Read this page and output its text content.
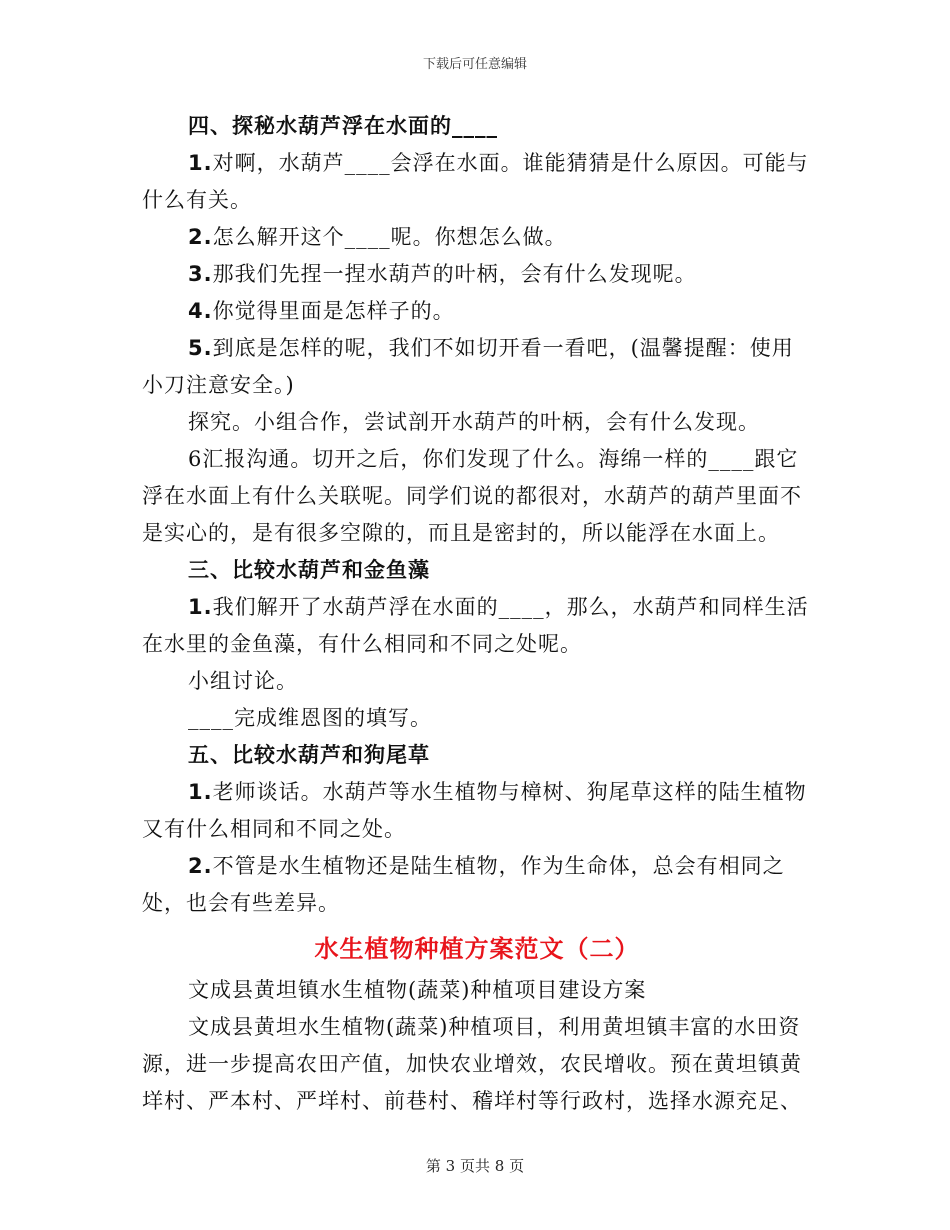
下载后可任意编辑

四、探秘水葫芦浮在水面的____

1.对啊，水葫芦____会浮在水面。谁能猜猜是什么原因。可能与什么有关。

2.怎么解开这个____呢。你想怎么做。

3.那我们先捏一捏水葫芦的叶柄，会有什么发现呢。

4.你觉得里面是怎样子的。

5.到底是怎样的呢，我们不如切开看一看吧，(温馨提醒：使用小刀注意安全。)

探究。小组合作，尝试剖开水葫芦的叶柄，会有什么发现。

6汇报沟通。切开之后，你们发现了什么。海绵一样的____跟它浮在水面上有什么关联呢。同学们说的都很对，水葫芦的葫芦里面不是实心的，是有很多空隙的，而且是密封的，所以能浮在水面上。

三、比较水葫芦和金鱼藻

1.我们解开了水葫芦浮在水面的____，那么，水葫芦和同样生活在水里的金鱼藻，有什么相同和不同之处呢。

小组讨论。

____完成维恩图的填写。

五、比较水葫芦和狗尾草

1.老师谈话。水葫芦等水生植物与樟树、狗尾草这样的陆生植物又有什么相同和不同之处。

2.不管是水生植物还是陆生植物，作为生命体，总会有相同之处，也会有些差异。

水生植物种植方案范文（二）

文成县黄坦镇水生植物(蔬菜)种植项目建设方案

文成县黄坦水生植物(蔬菜)种植项目，利用黄坦镇丰富的水田资源，进一步提高农田产值，加快农业增效，农民增收。预在黄坦镇黄垟村、严本村、严垟村、前巷村、稽垟村等行政村，选择水源充足、

第 3 页共 8 页
